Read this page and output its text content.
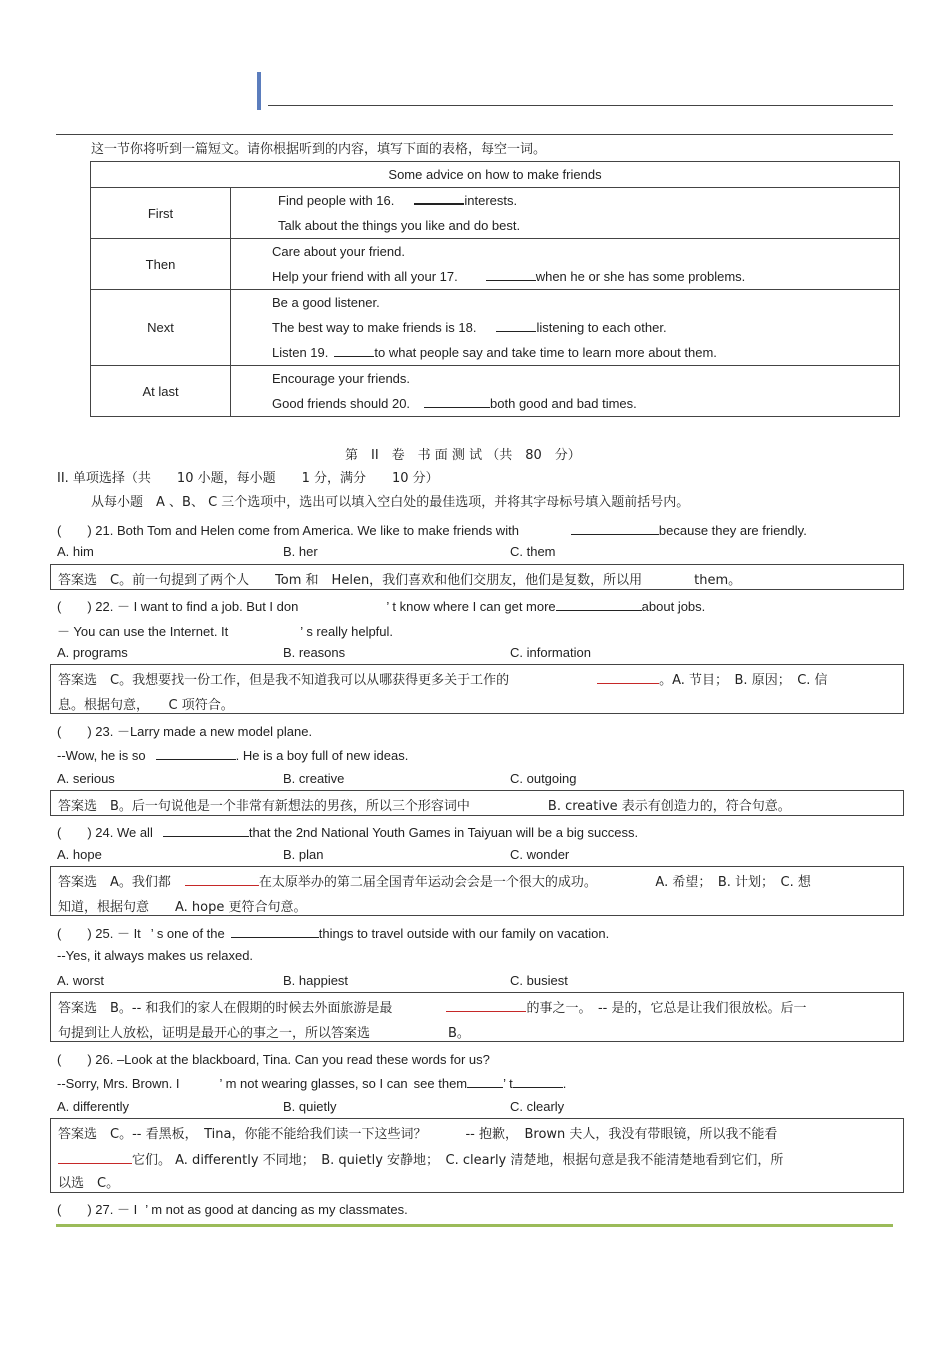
这一节你将听到一篇短文。请你根据听到的内容，填写下面的表格，每空一词。
Some advice on how to make friends	
First	Find people with 16. interests.
Talk about the things you like and do best.

Then	Care about your friend.
Help your friend with all your 17. when he or she has some problems.

Next	Be a good listener.
The best way to make friends is 18. listening to each other.
Listen 19. to what people say and take time to learn more about them.

At last	Encourage your friends.
Good friends should 20. both good and bad times.
第　II　卷　书 面 测 试 （共　80　分）
II. 单项选择（共　　10 小题，每小题　　1 分，满分　　10 分）
从每小题　A 、B、 C 三个选项中，选出可以填入空白处的最佳选项，并将其字母标号填入题前括号内。
(　　) 21. Both Tom and Helen come from America. We like to make friends with	because they are friendly.
A. him	B. her	C. them
答案选　C。前一句提到了两个人　　Tom 和　Helen，我们喜欢和他们交朋友，他们是复数，所以用　　　　them。
(　　) 22. － I want to find a job. But I don	’ t know where I can get more	about jobs.
－ You can use the Internet. It	’ s really helpful.
A. programs	B. reasons	C. information
答案选　C。我想要找一份工作，但是我不知道我可以从哪获得更多关于工作的	。A. 节目；　B. 原因；　C. 信
息。根据句意，　　C 项符合。
(　　) 23. －Larry made a new model plane.
--Wow, he is so	. He is a boy full of new ideas.
A. serious	B. creative	C. outgoing
答案选　B。后一句说他是一个非常有新想法的男孩，所以三个形容词中　　　　　　B. creative 表示有创造力的，符合句意。
(　　) 24. We all	that the 2nd National Youth Games in Taiyuan will be a big success.
A. hope	B. plan	C. wonder
答案选　A。我们都	在太原举办的第二届全国青年运动会会是一个很大的成功。　　　　　A. 希望；　B. 计划；　C. 想
知道，根据句意　　A. hope 更符合句意。
(　　) 25. － It ’ s one of the	things to travel outside with our family on vacation.
--Yes, it always makes us relaxed.
A. worst	B. happiest	C. busiest
答案选　B。-- 和我们的家人在假期的时候去外面旅游是最	的事之一。　-- 是的，它总是让我们很放松。后一
句提到让人放松，证明是最开心的事之一，所以答案选　　　　　　B。
(　　) 26. –Look at the blackboard, Tina. Can you read these words for us?
--Sorry, Mrs. Brown. I	’ m not wearing glasses, so I can see them	’ t	.
A. differently	B. quietly	C. clearly
答案选　C。-- 看黑板，　Tina，你能不能给我们读一下这些词？　　　-- 抱歉，　Brown 夫人，我没有带眼镜，所以我不能看
它们。 A. differently 不同地；　B. quietly 安静地；　C. clearly 清楚地，根据句意是我不能清楚地看到它们，所
以选　C。
(　　) 27. － I ’ m not as good at dancing as my classmates.
